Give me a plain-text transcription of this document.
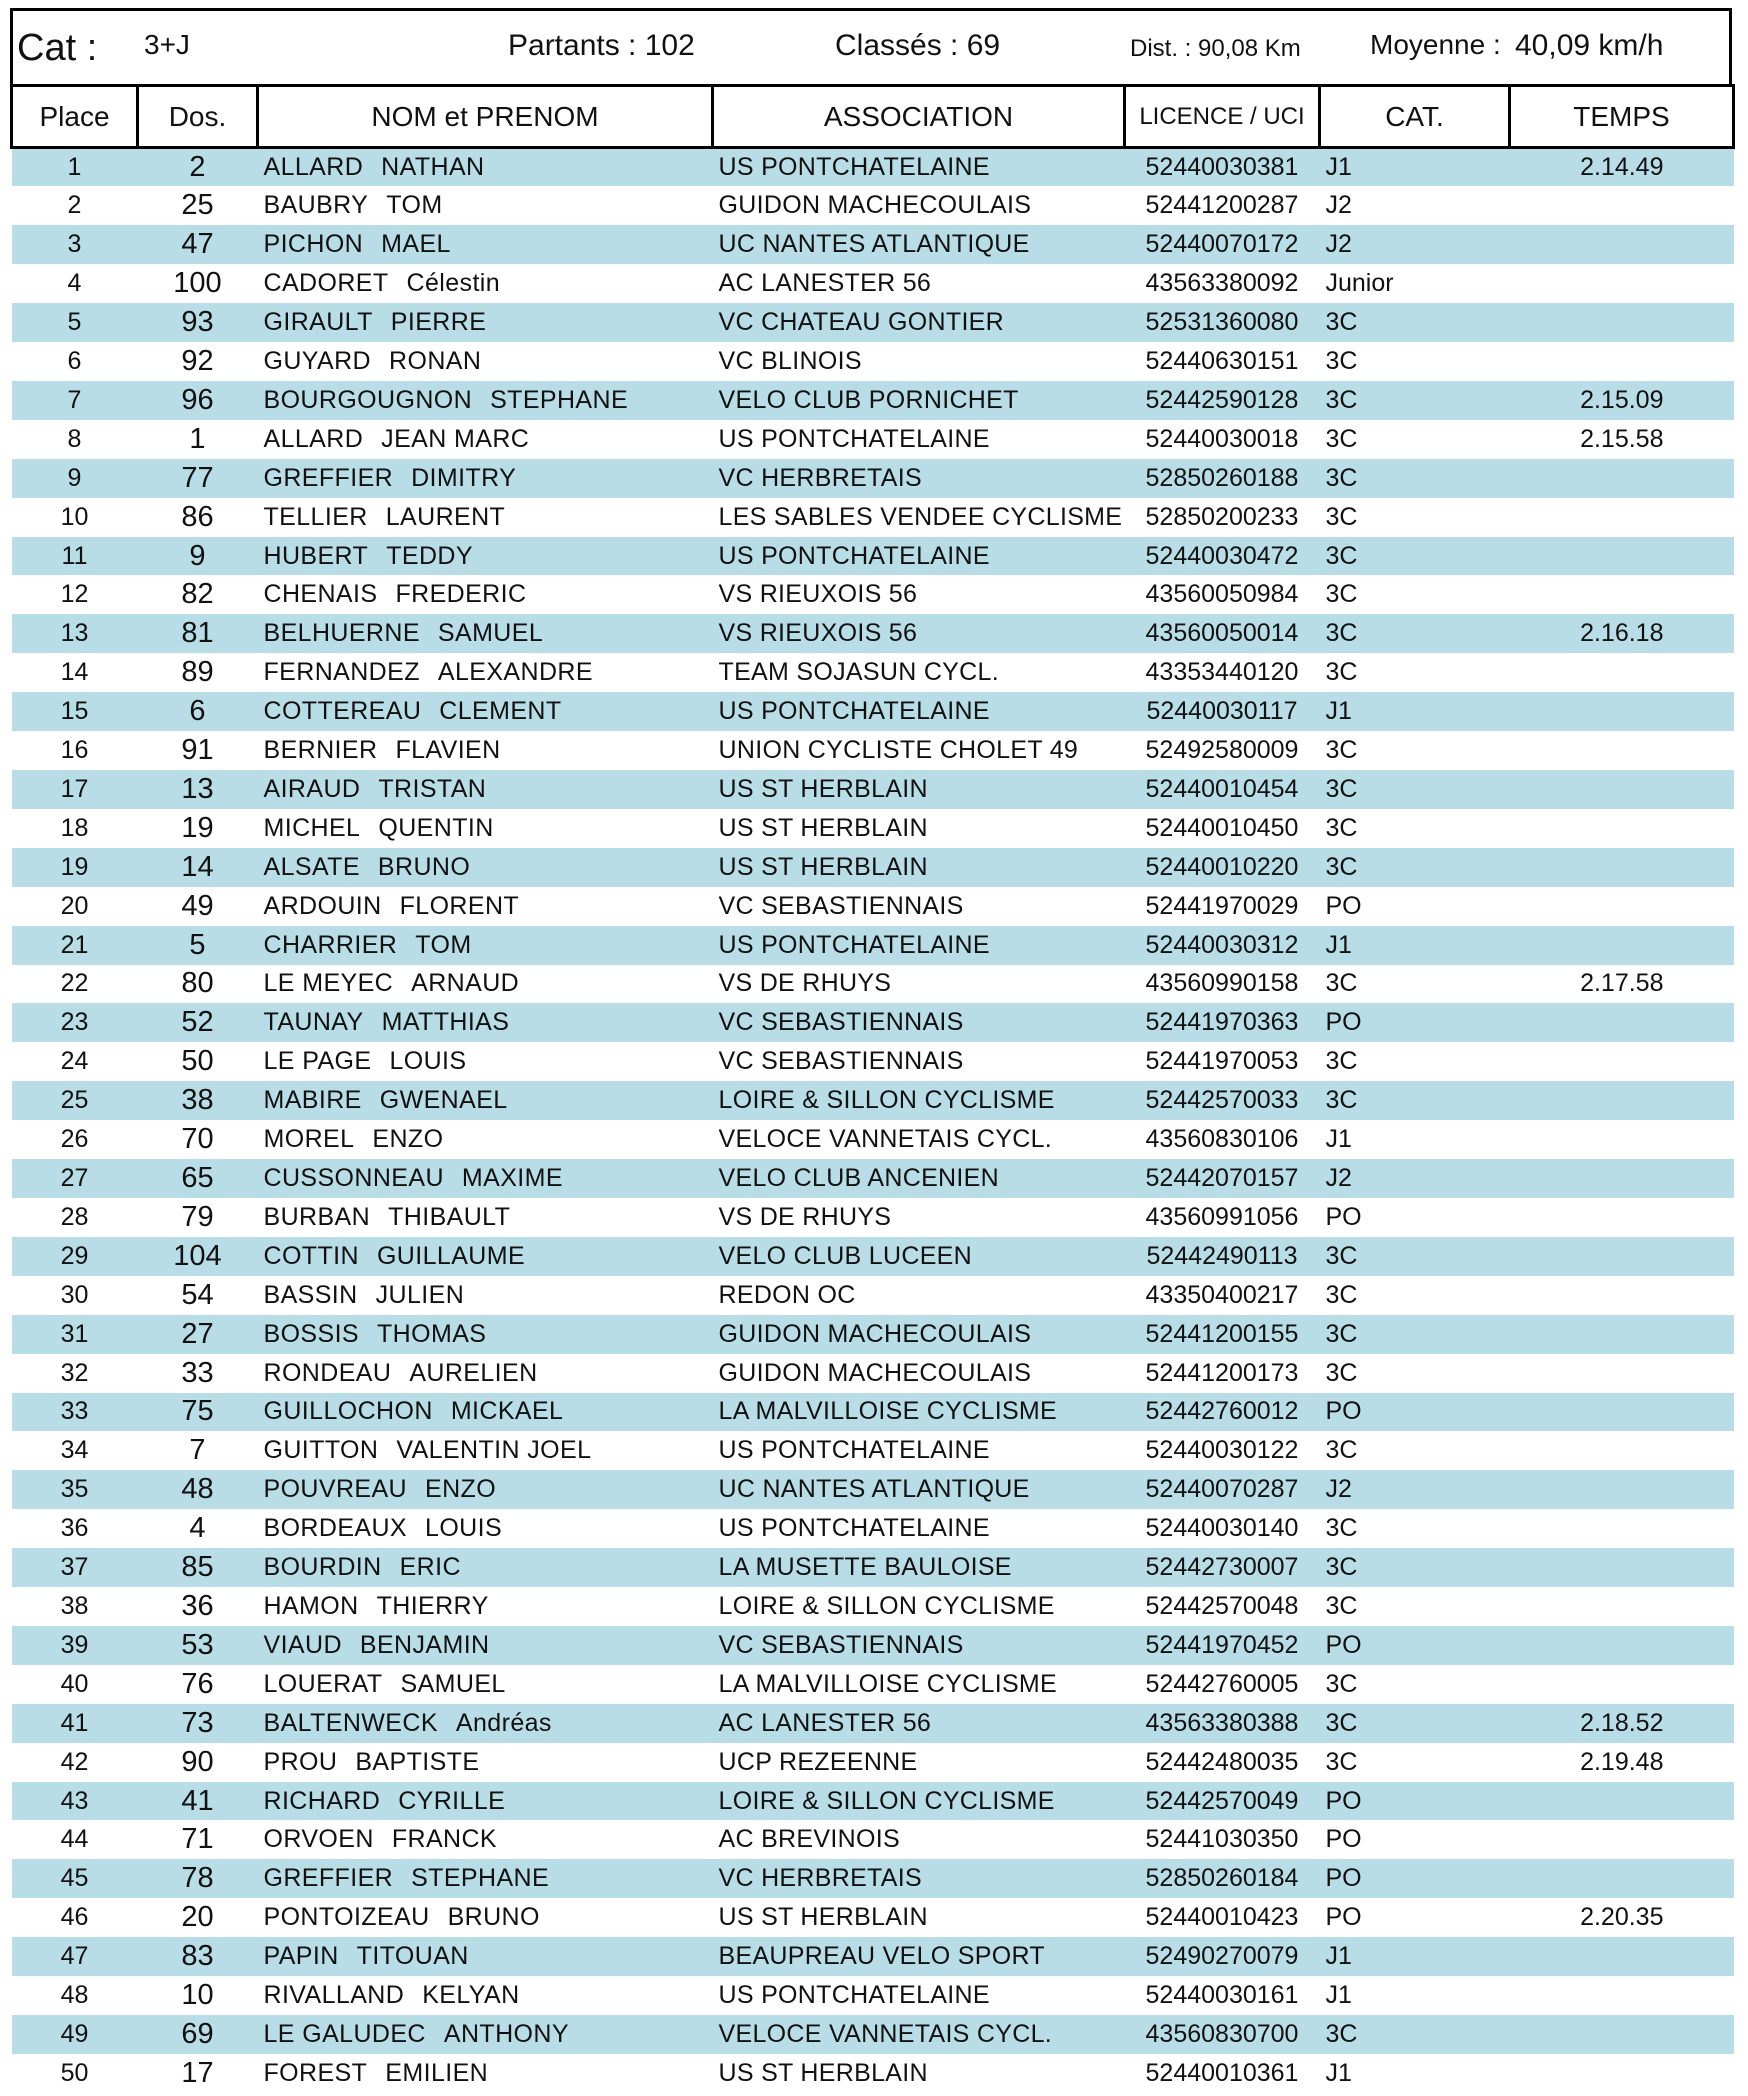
Cat : 3+J	Partants : 102	Classés : 69	Dist. : 90,08 Km Moyenne : 40,09 km/h
Place	Dos.	NOM et PRENOM	ASSOCIATION	LICENCE / UCI	CAT.	TEMPS
1	2	ALLARD NATHAN	US PONTCHATELAINE	52440030381	J1	2.14.49
2	25	BAUBRY TOM	GUIDON MACHECOULAIS	52441200287	J2	
3	47	PICHON MAEL	UC NANTES ATLANTIQUE	52440070172	J2	
4	100	CADORET Célestin	AC LANESTER 56	43563380092	Junior	
5	93	GIRAULT PIERRE	VC CHATEAU GONTIER	52531360080	3C	
6	92	GUYARD RONAN	VC BLINOIS	52440630151	3C	
7	96	BOURGOUGNON STEPHANE	VELO CLUB PORNICHET	52442590128	3C	2.15.09
8	1	ALLARD JEAN MARC	US PONTCHATELAINE	52440030018	3C	2.15.58
9	77	GREFFIER DIMITRY	VC HERBRETAIS	52850260188	3C	
10	86	TELLIER LAURENT	LES SABLES VENDEE CYCLISME	52850200233	3C	
11	9	HUBERT TEDDY	US PONTCHATELAINE	52440030472	3C	
12	82	CHENAIS FREDERIC	VS RIEUXOIS 56	43560050984	3C	
13	81	BELHUERNE SAMUEL	VS RIEUXOIS 56	43560050014	3C	2.16.18
14	89	FERNANDEZ ALEXANDRE	TEAM SOJASUN CYCL.	43353440120	3C	
15	6	COTTEREAU CLEMENT	US PONTCHATELAINE	52440030117	J1	
16	91	BERNIER FLAVIEN	UNION CYCLISTE CHOLET 49	52492580009	3C	
17	13	AIRAUD TRISTAN	US ST HERBLAIN	52440010454	3C	
18	19	MICHEL QUENTIN	US ST HERBLAIN	52440010450	3C	
19	14	ALSATE BRUNO	US ST HERBLAIN	52440010220	3C	
20	49	ARDOUIN FLORENT	VC SEBASTIENNAIS	52441970029	PO	
21	5	CHARRIER TOM	US PONTCHATELAINE	52440030312	J1	
22	80	LE MEYEC ARNAUD	VS DE RHUYS	43560990158	3C	2.17.58
23	52	TAUNAY MATTHIAS	VC SEBASTIENNAIS	52441970363	PO	
24	50	LE PAGE LOUIS	VC SEBASTIENNAIS	52441970053	3C	
25	38	MABIRE GWENAEL	LOIRE & SILLON CYCLISME	52442570033	3C	
26	70	MOREL ENZO	VELOCE VANNETAIS CYCL.	43560830106	J1	
27	65	CUSSONNEAU MAXIME	VELO CLUB ANCENIEN	52442070157	J2	
28	79	BURBAN THIBAULT	VS DE RHUYS	43560991056	PO	
29	104	COTTIN GUILLAUME	VELO CLUB LUCEEN	52442490113	3C	
30	54	BASSIN JULIEN	REDON OC	43350400217	3C	
31	27	BOSSIS THOMAS	GUIDON MACHECOULAIS	52441200155	3C	
32	33	RONDEAU AURELIEN	GUIDON MACHECOULAIS	52441200173	3C	
33	75	GUILLOCHON MICKAEL	LA MALVILLOISE CYCLISME	52442760012	PO	
34	7	GUITTON VALENTIN JOEL	US PONTCHATELAINE	52440030122	3C	
35	48	POUVREAU ENZO	UC NANTES ATLANTIQUE	52440070287	J2	
36	4	BORDEAUX LOUIS	US PONTCHATELAINE	52440030140	3C	
37	85	BOURDIN ERIC	LA MUSETTE BAULOISE	52442730007	3C	
38	36	HAMON THIERRY	LOIRE & SILLON CYCLISME	52442570048	3C	
39	53	VIAUD BENJAMIN	VC SEBASTIENNAIS	52441970452	PO	
40	76	LOUERAT SAMUEL	LA MALVILLOISE CYCLISME	52442760005	3C	
41	73	BALTENWECK Andréas	AC LANESTER 56	43563380388	3C	2.18.52
42	90	PROU BAPTISTE	UCP REZEENNE	52442480035	3C	2.19.48
43	41	RICHARD CYRILLE	LOIRE & SILLON CYCLISME	52442570049	PO	
44	71	ORVOEN FRANCK	AC BREVINOIS	52441030350	PO	
45	78	GREFFIER STEPHANE	VC HERBRETAIS	52850260184	PO	
46	20	PONTOIZEAU BRUNO	US ST HERBLAIN	52440010423	PO	2.20.35
47	83	PAPIN TITOUAN	BEAUPREAU VELO SPORT	52490270079	J1	
48	10	RIVALLAND KELYAN	US PONTCHATELAINE	52440030161	J1	
49	69	LE GALUDEC ANTHONY	VELOCE VANNETAIS CYCL.	43560830700	3C	
50	17	FOREST EMILIEN	US ST HERBLAIN	52440010361	J1	
